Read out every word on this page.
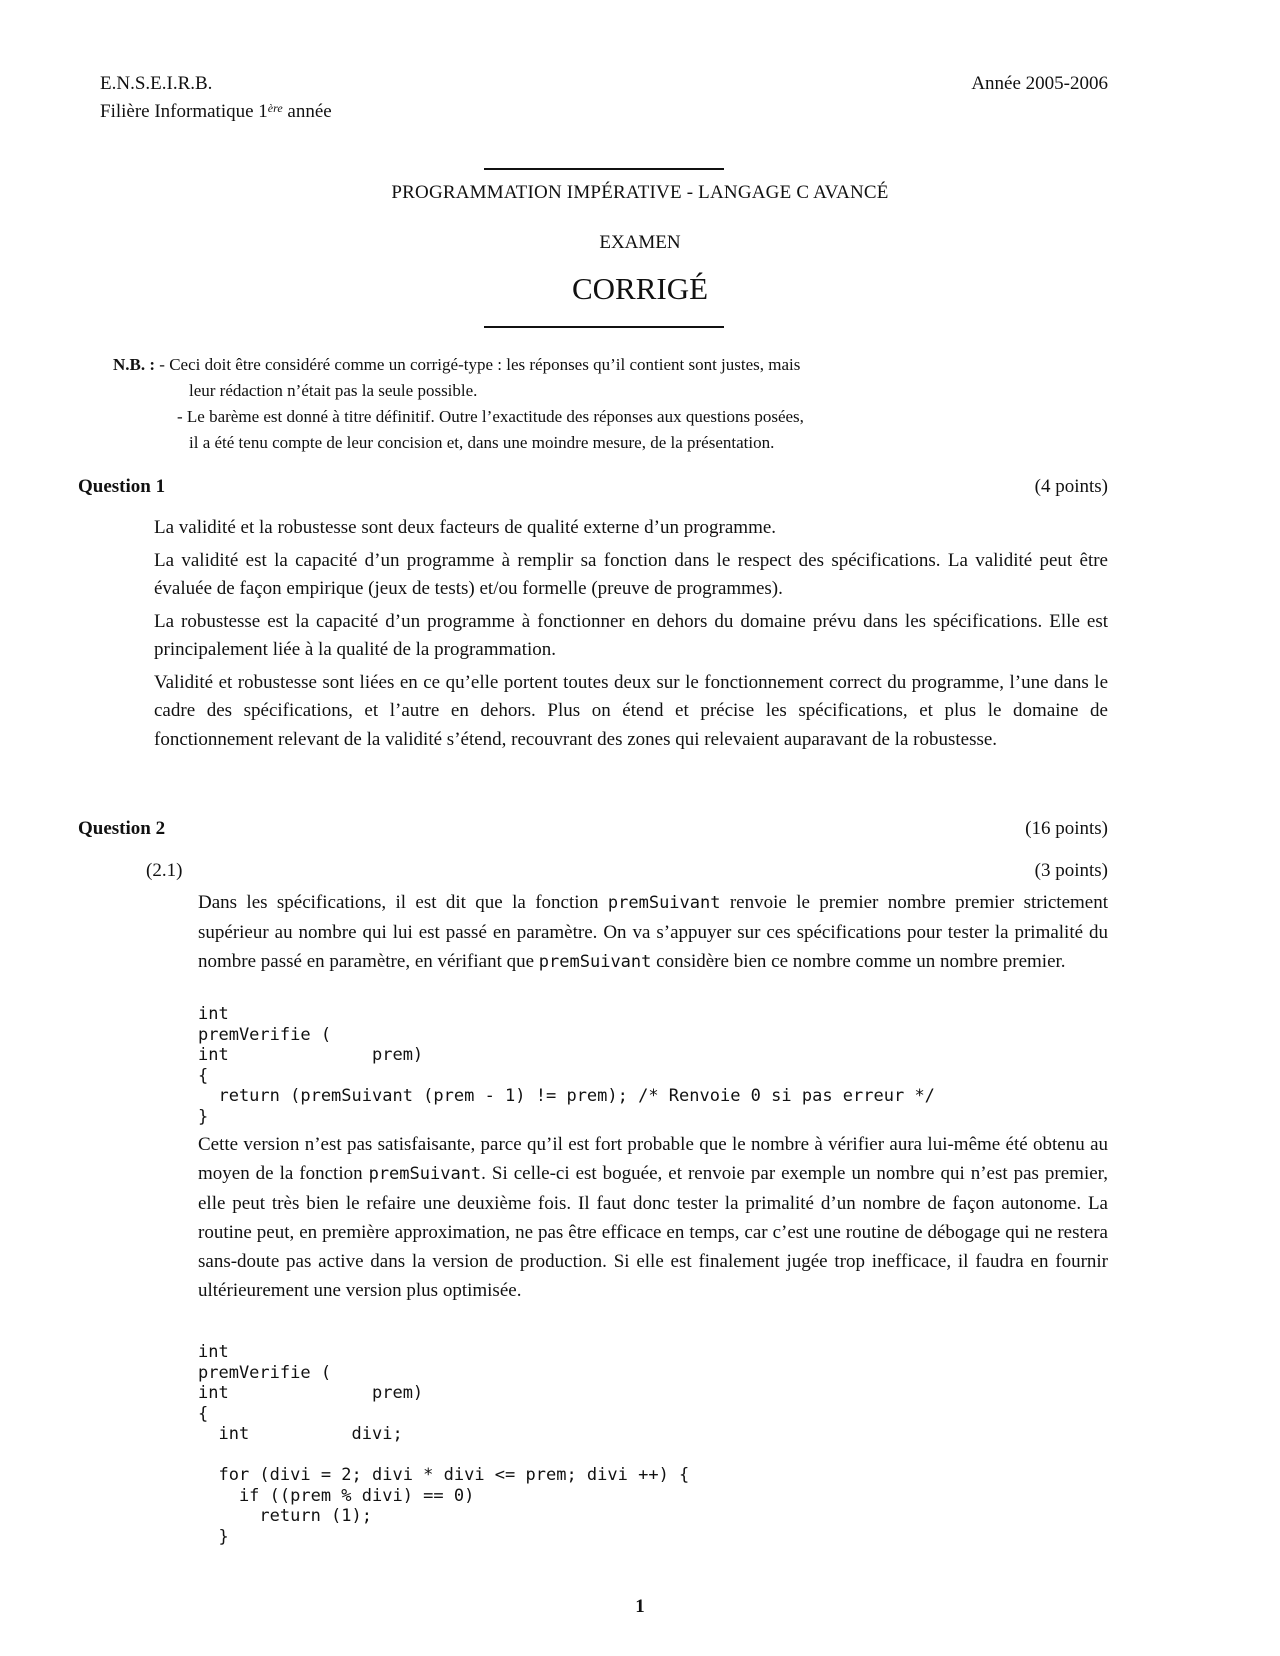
E.N.S.E.I.R.B.
Filière Informatique 1ère année
Année 2005-2006
PROGRAMMATION IMPÉRATIVE - LANGAGE C AVANCÉ
EXAMEN
CORRIGÉ
N.B. : - Ceci doit être considéré comme un corrigé-type : les réponses qu’il contient sont justes, mais
leur rédaction n’était pas la seule possible.
- Le barème est donné à titre définitif. Outre l’exactitude des réponses aux questions posées,
il a été tenu compte de leur concision et, dans une moindre mesure, de la présentation.
Question 1	(4 points)

La validité et la robustesse sont deux facteurs de qualité externe d’un programme.

La validité est la capacité d’un programme à remplir sa fonction dans le respect des spécifications. La validité peut être évaluée de façon empirique (jeux de tests) et/ou formelle (preuve de programmes).

La robustesse est la capacité d’un programme à fonctionner en dehors du domaine prévu dans les spécifications. Elle est principalement liée à la qualité de la programmation.

Validité et robustesse sont liées en ce qu’elle portent toutes deux sur le fonctionnement correct du programme, l’une dans le cadre des spécifications, et l’autre en dehors. Plus on étend et précise les spécifications, et plus le domaine de fonctionnement relevant de la validité s’étend, recouvrant des zones qui relevaient auparavant de la robustesse.

Question 2	(16 points)
(2.1)	(3 points)
Dans les spécifications, il est dit que la fonction premSuivant renvoie le premier nombre premier strictement supérieur au nombre qui lui est passé en paramètre. On va s’appuyer sur ces spécifications pour tester la primalité du nombre passé en paramètre, en vérifiant que premSuivant considère bien ce nombre comme un nombre premier.
int
premVerifie (
int              prem)
{
return (premSuivant (prem - 1) != prem); /* Renvoie 0 si pas erreur */
}
Cette version n’est pas satisfaisante, parce qu’il est fort probable que le nombre à vérifier aura lui-même été obtenu au moyen de la fonction premSuivant. Si celle-ci est boguée, et renvoie par exemple un nombre qui n’est pas premier, elle peut très bien le refaire une deuxième fois. Il faut donc tester la primalité d’un nombre de façon autonome. La routine peut, en première approximation, ne pas être efficace en temps, car c’est une routine de débogage qui ne restera sans-doute pas active dans la version de production. Si elle est finalement jugée trop inefficace, il faudra en fournir ultérieurement une version plus optimisée.
int
premVerifie (
int              prem)
{
int          divi;

for (divi = 2; divi * divi <= prem; divi ++) {
if ((prem % divi) == 0)
return (1);
}
1
